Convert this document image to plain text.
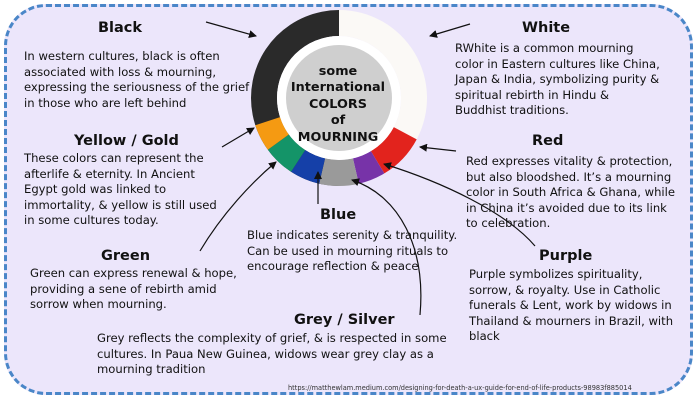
some
International
COLORS
of
MOURNING
Black
In western cultures, black is often associated with loss & mourning, expressing the seriousness of the grief in those who are left behind
White
RWhite is a common mourning color in Eastern cultures like China, Japan & India, symbolizing purity & spiritual rebirth in Hindu & Buddhist traditions.
Yellow / Gold
These colors can represent the afterlife & eternity. In Ancient Egypt gold was linked to immortality, & yellow is still used in some cultures today.
Red
Red expresses vitality & protection, but also bloodshed. It’s a mourning color in South Africa & Ghana, while in China it’s avoided due to its link to celebration.
Blue
Blue indicates serenity & tranquility. Can be used in mourning rituals to encourage reflection & peace
Green
Green can express renewal & hope, providing a sene of rebirth amid sorrow when mourning.
Purple
Purple symbolizes spirituality, sorrow, & royalty. Use in Catholic funerals & Lent, work by widows in Thailand & mourners in Brazil, with black
Grey / Silver
Grey reflects the complexity of grief, & is respected in some cultures. In Paua New Guinea, widows wear grey clay as a mourning tradition
https://matthewlam.medium.com/designing-for-death-a-ux-guide-for-end-of-life-products-98983f885014
